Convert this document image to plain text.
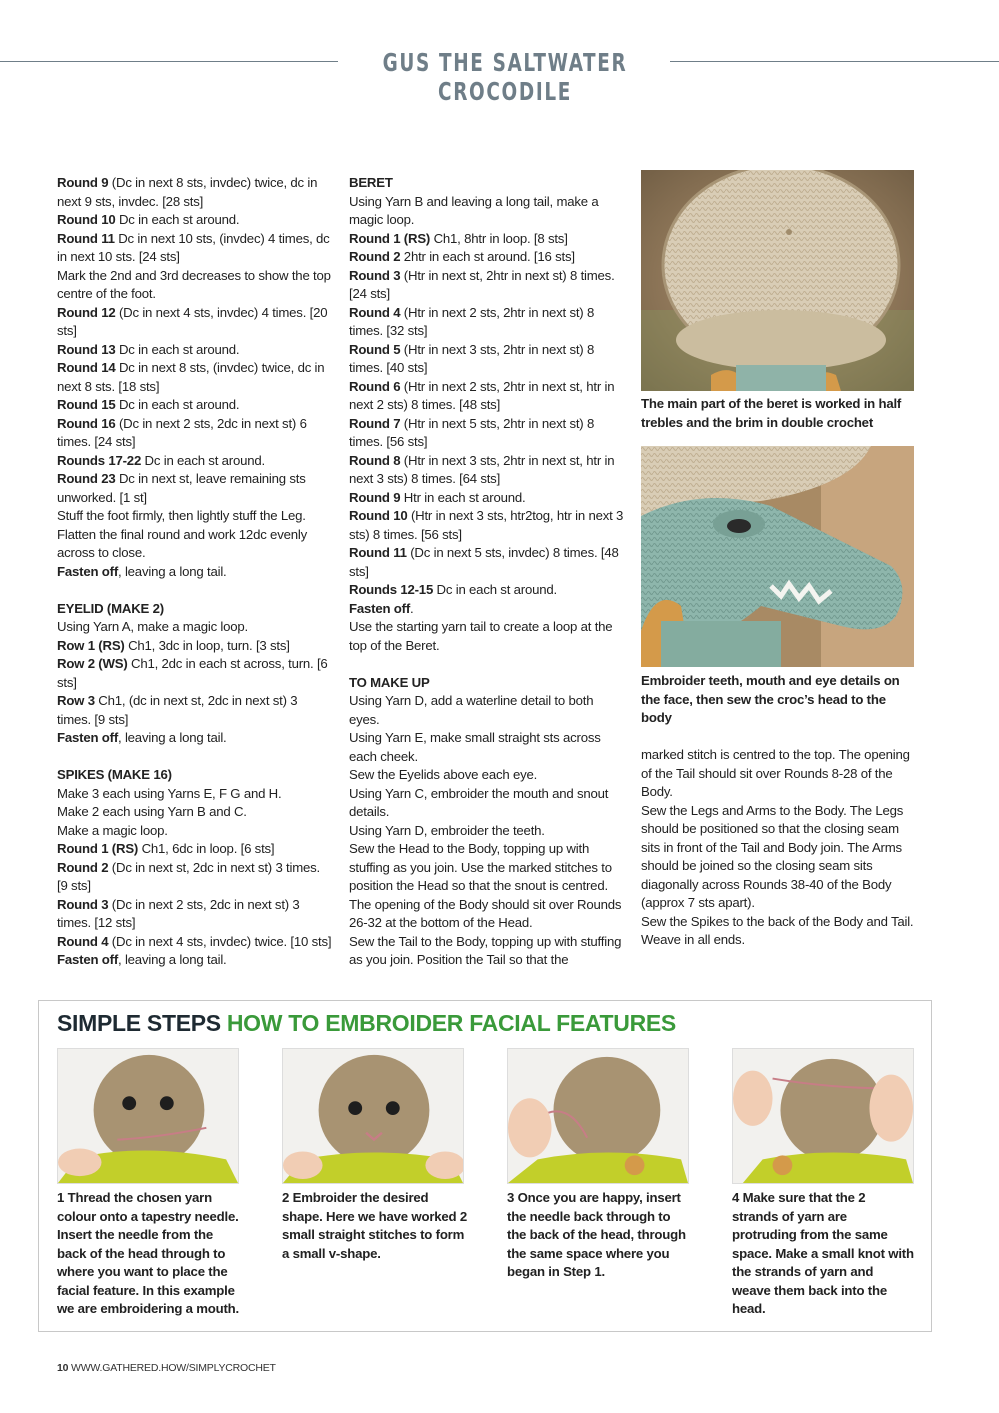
GUS THE SALTWATER CROCODILE

Round 9 (Dc in next 8 sts, invdec) twice, dc in next 9 sts, invdec. [28 sts]

Round 10 Dc in each st around.

Round 11 Dc in next 10 sts, (invdec) 4 times, dc in next 10 sts. [24 sts]

Mark the 2nd and 3rd decreases to show the top centre of the foot.

Round 12 (Dc in next 4 sts, invdec) 4 times. [20 sts]

Round 13 Dc in each st around.

Round 14 Dc in next 8 sts, (invdec) twice, dc in next 8 sts. [18 sts]

Round 15 Dc in each st around.

Round 16 (Dc in next 2 sts, 2dc in next st) 6 times. [24 sts]

Rounds 17-22 Dc in each st around.

Round 23 Dc in next st, leave remaining sts unworked. [1 st]

Stuff the foot firmly, then lightly stuff the Leg. Flatten the final round and work 12dc evenly across to close.

Fasten off, leaving a long tail.

EYELID (MAKE 2)

Using Yarn A, make a magic loop.

Row 1 (RS) Ch1, 3dc in loop, turn. [3 sts]

Row 2 (WS) Ch1, 2dc in each st across, turn. [6 sts]

Row 3 Ch1, (dc in next st, 2dc in next st) 3 times. [9 sts]

Fasten off, leaving a long tail.

SPIKES (MAKE 16)

Make 3 each using Yarns E, F G and H.

Make 2 each using Yarn B and C.

Make a magic loop.

Round 1 (RS) Ch1, 6dc in loop. [6 sts]

Round 2 (Dc in next st, 2dc in next st) 3 times. [9 sts]

Round 3 (Dc in next 2 sts, 2dc in next st) 3 times. [12 sts]

Round 4 (Dc in next 4 sts, invdec) twice. [10 sts]

Fasten off, leaving a long tail.

BERET

Using Yarn B and leaving a long tail, make a magic loop.

Round 1 (RS) Ch1, 8htr in loop. [8 sts]

Round 2 2htr in each st around. [16 sts]

Round 3 (Htr in next st, 2htr in next st) 8 times. [24 sts]

Round 4 (Htr in next 2 sts, 2htr in next st) 8 times. [32 sts]

Round 5 (Htr in next 3 sts, 2htr in next st) 8 times. [40 sts]

Round 6 (Htr in next 2 sts, 2htr in next st, htr in next 2 sts) 8 times. [48 sts]

Round 7 (Htr in next 5 sts, 2htr in next st) 8 times. [56 sts]

Round 8 (Htr in next 3 sts, 2htr in next st, htr in next 3 sts) 8 times. [64 sts]

Round 9 Htr in each st around.

Round 10 (Htr in next 3 sts, htr2tog, htr in next 3 sts) 8 times. [56 sts]

Round 11 (Dc in next 5 sts, invdec) 8 times. [48 sts]

Rounds 12-15 Dc in each st around.

Fasten off.

Use the starting yarn tail to create a loop at the top of the Beret.

TO MAKE UP

Using Yarn D, add a waterline detail to both eyes.

Using Yarn E, make small straight sts across each cheek.

Sew the Eyelids above each eye.

Using Yarn C, embroider the mouth and snout details.

Using Yarn D, embroider the teeth.

Sew the Head to the Body, topping up with stuffing as you join. Use the marked stitches to position the Head so that the snout is centred. The opening of the Body should sit over Rounds 26-32 at the bottom of the Head.

Sew the Tail to the Body, topping up with stuffing as you join. Position the Tail so that the

marked stitch is centred to the top. The opening of the Tail should sit over Rounds 8-28 of the Body.

Sew the Legs and Arms to the Body. The Legs should be positioned so that the closing seam sits in front of the Tail and Body join. The Arms should be joined so the closing seam sits diagonally across Rounds 38-40 of the Body (approx 7 sts apart).

Sew the Spikes to the back of the Body and Tail. Weave in all ends.

The main part of the beret is worked in half trebles and the brim in double crochet
Embroider teeth, mouth and eye details on the face, then sew the croc’s head to the body
SIMPLE STEPS HOW TO EMBROIDER FACIAL FEATURES
1 Thread the chosen yarn colour onto a tapestry needle. Insert the needle from the back of the head through to where you want to place the facial feature. In this example we are embroidering a mouth.
2 Embroider the desired shape. Here we have worked 2 small straight stitches to form a small v-shape.
3 Once you are happy, insert the needle back through to the back of the head, through the same space where you began in Step 1.
4 Make sure that the 2 strands of yarn are protruding from the same space. Make a small knot with the strands of yarn and weave them back into the head.
10 WWW.GATHERED.HOW/SIMPLYCROCHET
